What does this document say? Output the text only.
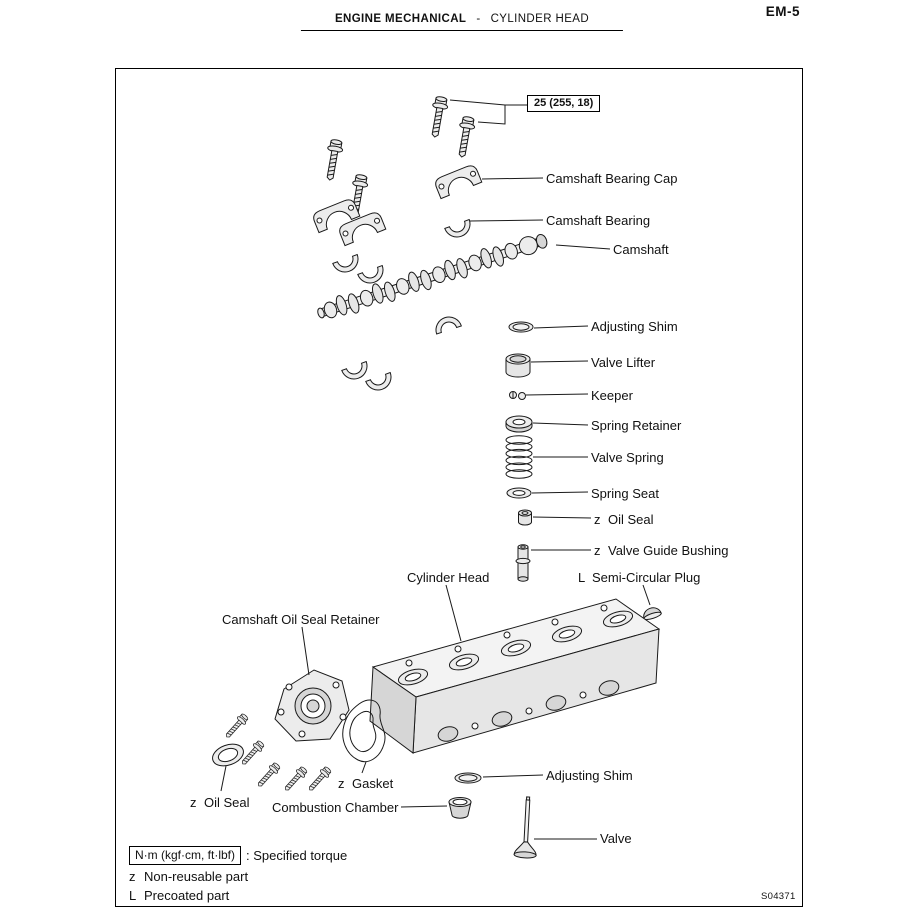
EM-5
ENGINE MECHANICAL - CYLINDER HEAD
25 (255, 18)
Camshaft Bearing Cap
Camshaft Bearing
Camshaft
Adjusting Shim
Valve Lifter
Keeper
Spring Retainer
Valve Spring
Spring Seat
z Oil Seal
z Valve Guide Bushing
L Semi-Circular Plug
Cylinder Head
Camshaft Oil Seal Retainer
z Gasket
z Oil Seal Combustion Chamber
Adjusting Shim
Valve
N·m (kgf·cm, ft·lbf) : Specified torque
z Non-reusable part
L Precoated part	S04371
